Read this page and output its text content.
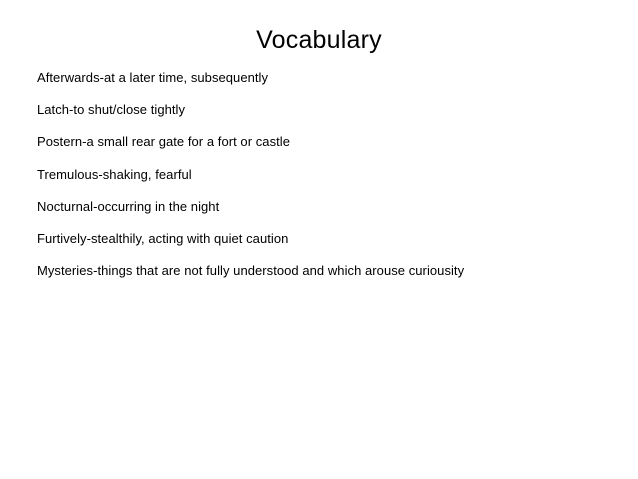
Vocabulary
Afterwards-at a later time, subsequently
Latch-to shut/close tightly
Postern-a small rear gate for a fort or castle
Tremulous-shaking, fearful
Nocturnal-occurring in the night
Furtively-stealthily, acting with quiet caution
Mysteries-things that are not fully understood and which arouse curiousity
